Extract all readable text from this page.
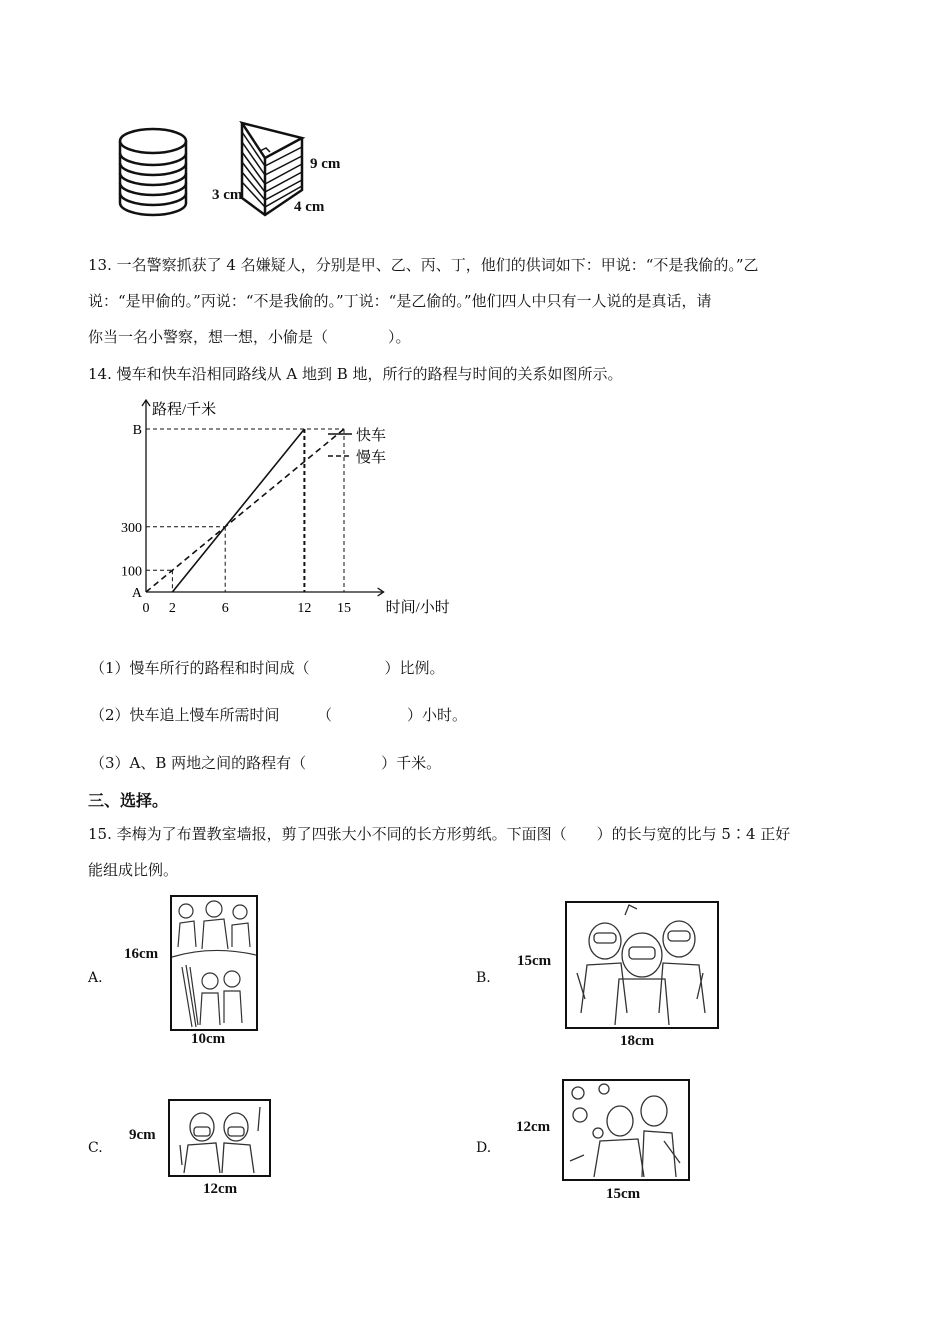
9 cm
3 cm
4 cm
13. 一名警察抓获了 4 名嫌疑人，分别是甲、乙、丙、丁，他们的供词如下：甲说：“不是我偷的。”乙
说：“是甲偷的。”丙说：“不是我偷的。”丁说：“是乙偷的。”他们四人中只有一人说的是真话，请
你当一名小警察，想一想，小偷是（　　　　）。
14. 慢车和快车沿相同路线从 A 地到 B 地，所行的路程与时间的关系如图所示。
路程/千米
时间/小时
0 2	6	12 15
A
100
300
B	快车
慢车
（1）慢车所行的路程和时间成（　　　　　）比例。
（2）快车追上慢车所需时间　　　（　　　　　）小时。
（3）A、B 两地之间的路程有（　　　　　）千米。
三、选择。
15. 李梅为了布置教室墙报，剪了四张大小不同的长方形剪纸。下面图（　　）的长与宽的比与 5∶4 正好
能组成比例。
A.
16cm
10cm
B.
15cm
18cm
C.
9cm
12cm
D.
12cm
15cm
